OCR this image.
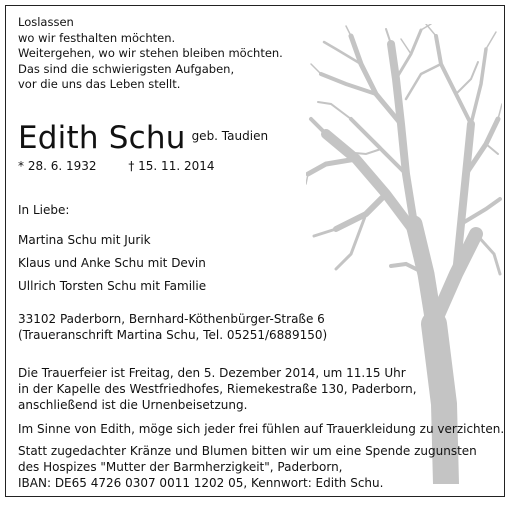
Loslassen
wo wir festhalten möchten.
Weitergehen, wo wir stehen bleiben möchten.
Das sind die schwierigsten Aufgaben,
vor die uns das Leben stellt.
Edith Schu $^{geb. Taudien}$
* 28. 6. 1932	† 15. 11. 2014
In Liebe:
Martina Schu mit Jurik
Klaus und Anke Schu mit Devin
Ullrich Torsten Schu mit Familie
33102 Paderborn, Bernhard-Köthenbürger-Straße 6
(Traueranschrift Martina Schu, Tel. 05251/6889150)
Die Trauerfeier ist Freitag, den 5. Dezember 2014, um 11.15 Uhr
in der Kapelle des Westfriedhofes, Riemekestraße 130, Paderborn,
anschließend ist die Urnenbeisetzung.
Im Sinne von Edith, möge sich jeder frei fühlen auf Trauerkleidung zu verzichten.
Statt zugedachter Kränze und Blumen bitten wir um eine Spende zugunsten
des Hospizes "Mutter der Barmherzigkeit", Paderborn,
IBAN: DE65 4726 0307 0011 1202 05, Kennwort: Edith Schu.
